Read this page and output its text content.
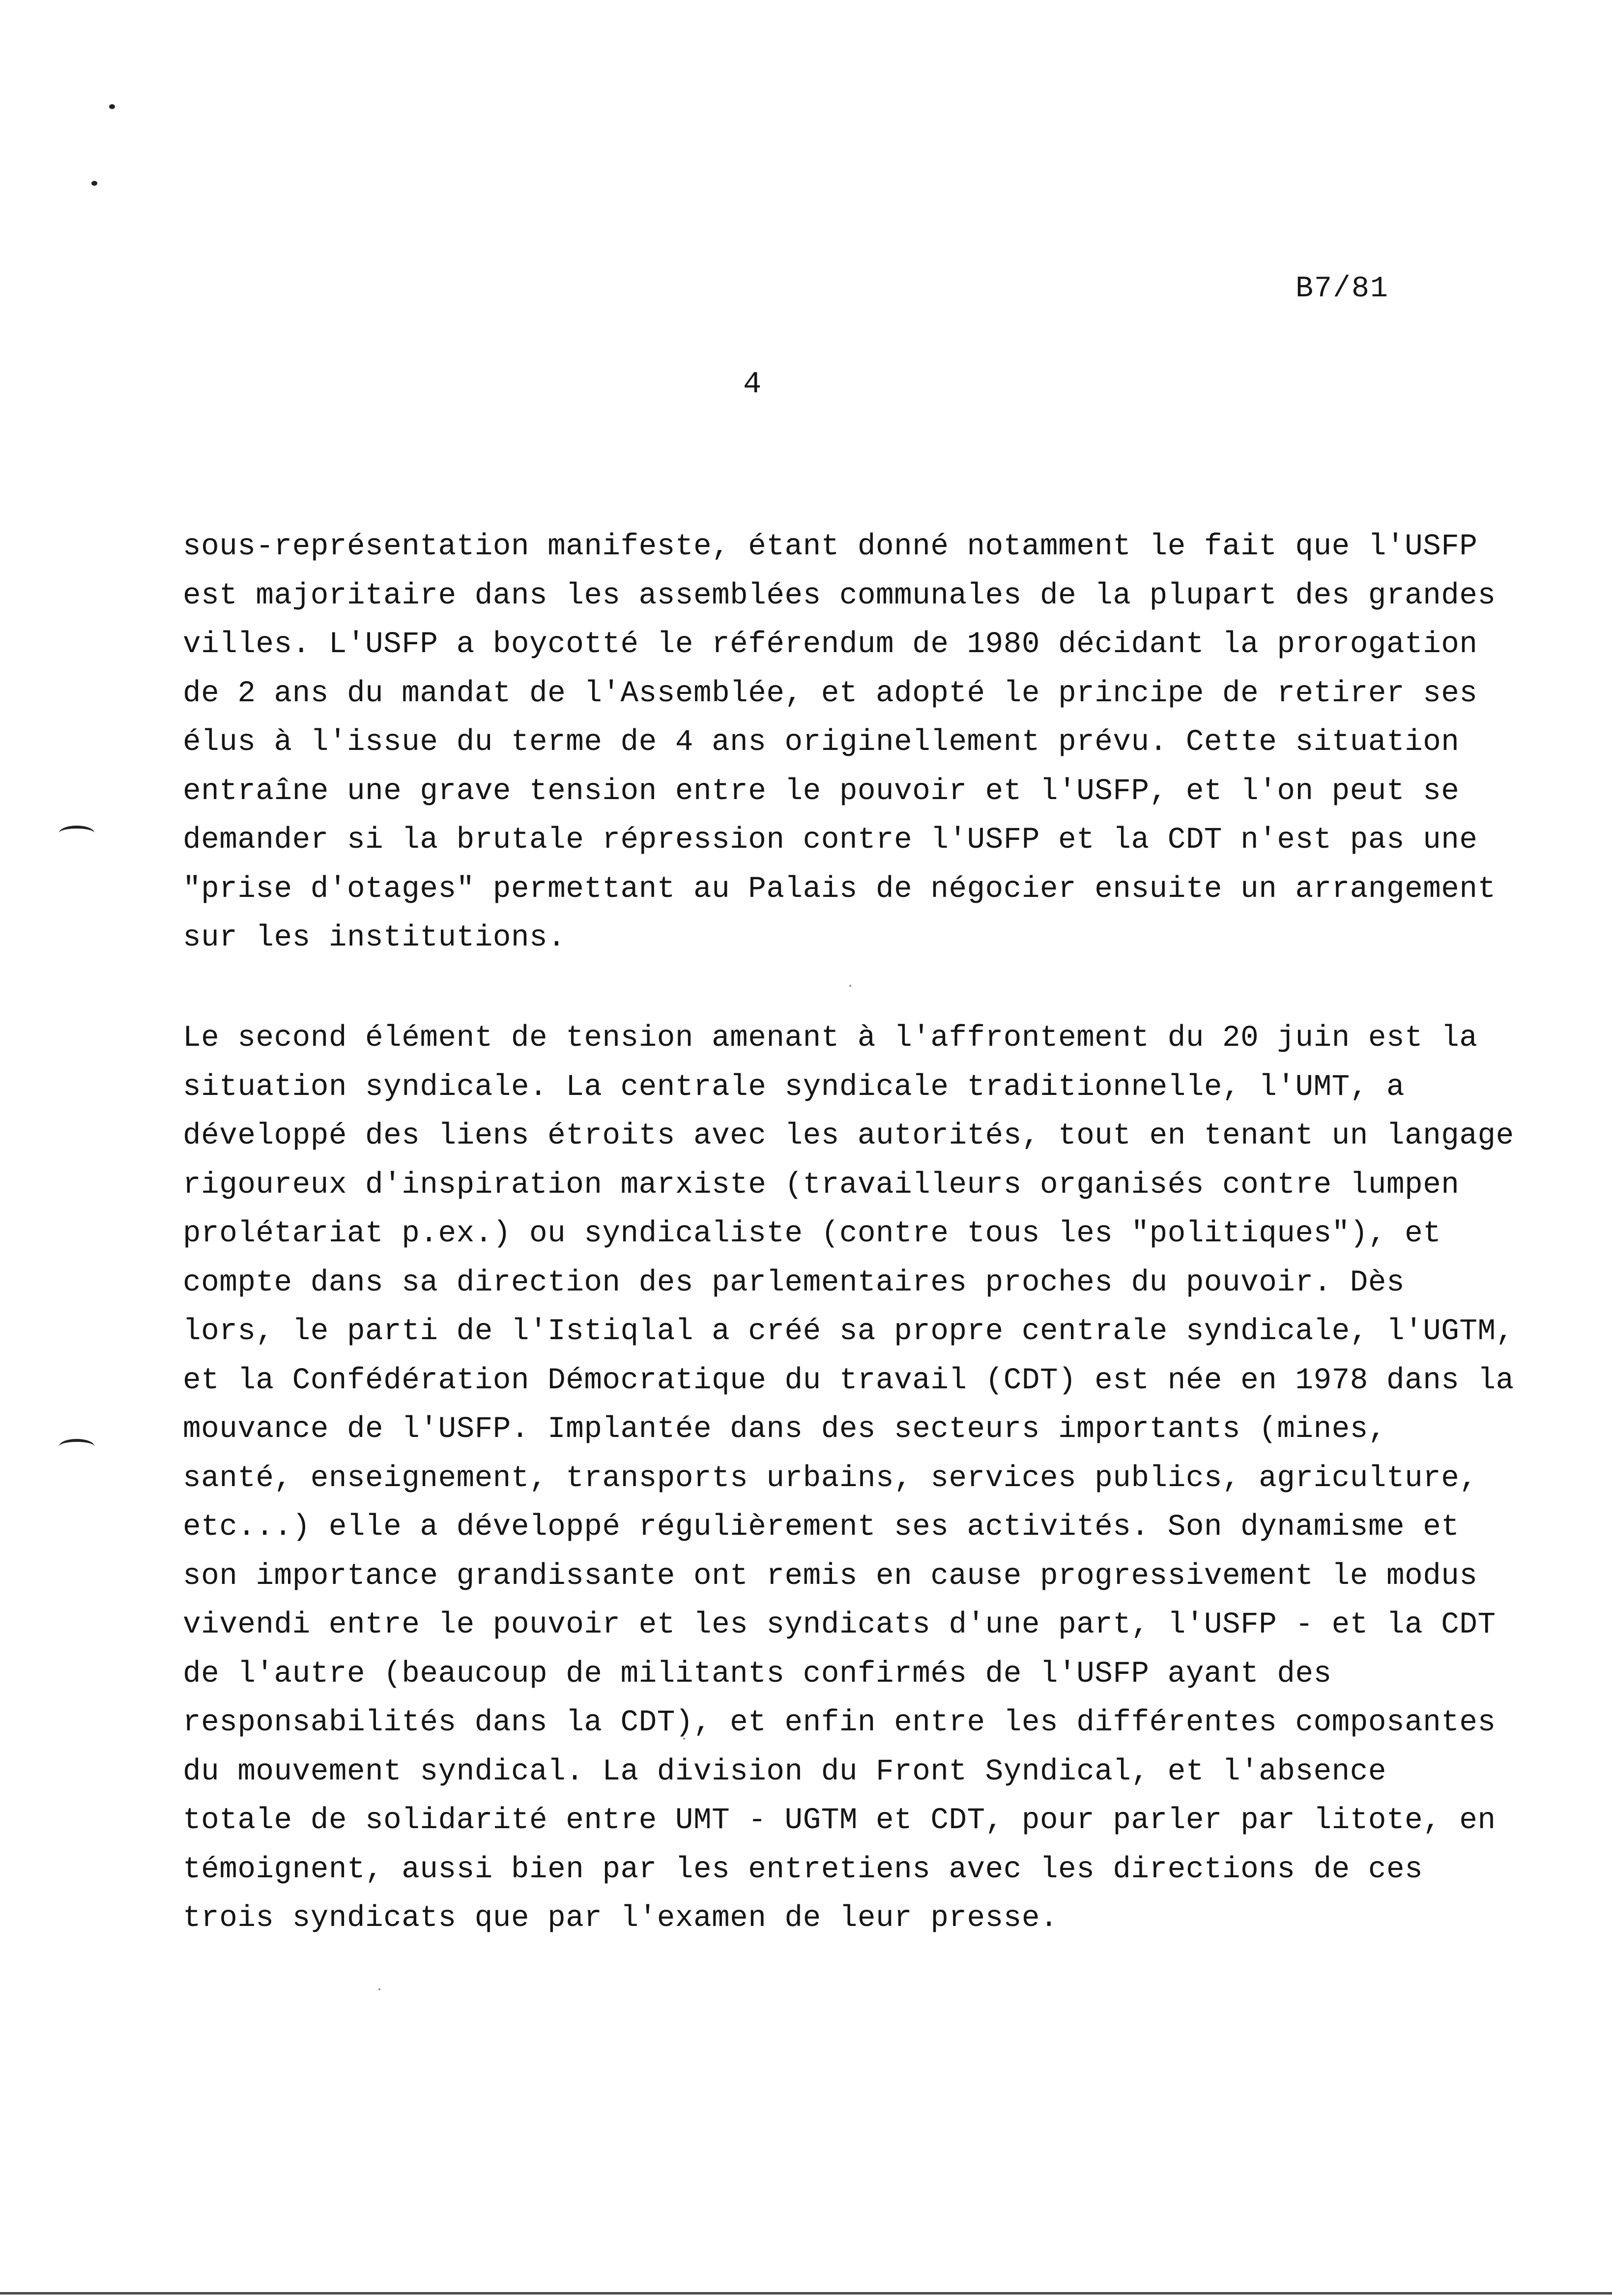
B7/81
4
sous-représentation manifeste, étant donné notamment le fait que l'USFP
est majoritaire dans les assemblées communales de la plupart des grandes
villes. L'USFP a boycotté le référendum de 1980 décidant la prorogation
de 2 ans du mandat de l'Assemblée, et adopté le principe de retirer ses
élus à l'issue du terme de 4 ans originellement prévu. Cette situation
entraîne une grave tension entre le pouvoir et l'USFP, et l'on peut se
demander si la brutale répression contre l'USFP et la CDT n'est pas une
"prise d'otages" permettant au Palais de négocier ensuite un arrangement
sur les institutions.
Le second élément de tension amenant à l'affrontement du 20 juin est la
situation syndicale. La centrale syndicale traditionnelle, l'UMT, a
développé des liens étroits avec les autorités, tout en tenant un langage
rigoureux d'inspiration marxiste (travailleurs organisés contre lumpen
prolétariat p.ex.) ou syndicaliste (contre tous les "politiques"), et
compte dans sa direction des parlementaires proches du pouvoir. Dès
lors, le parti de l'Istiqlal a créé sa propre centrale syndicale, l'UGTM,
et la Confédération Démocratique du travail (CDT) est née en 1978 dans la
mouvance de l'USFP. Implantée dans des secteurs importants (mines,
santé, enseignement, transports urbains, services publics, agriculture,
etc...) elle a développé régulièrement ses activités. Son dynamisme et
son importance grandissante ont remis en cause progressivement le modus
vivendi entre le pouvoir et les syndicats d'une part, l'USFP - et la CDT
de l'autre (beaucoup de militants confirmés de l'USFP ayant des
responsabilités dans la CDT), et enfin entre les différentes composantes
du mouvement syndical. La division du Front Syndical, et l'absence
totale de solidarité entre UMT - UGTM et CDT, pour parler par litote, en
témoignent, aussi bien par les entretiens avec les directions de ces
trois syndicats que par l'examen de leur presse.
